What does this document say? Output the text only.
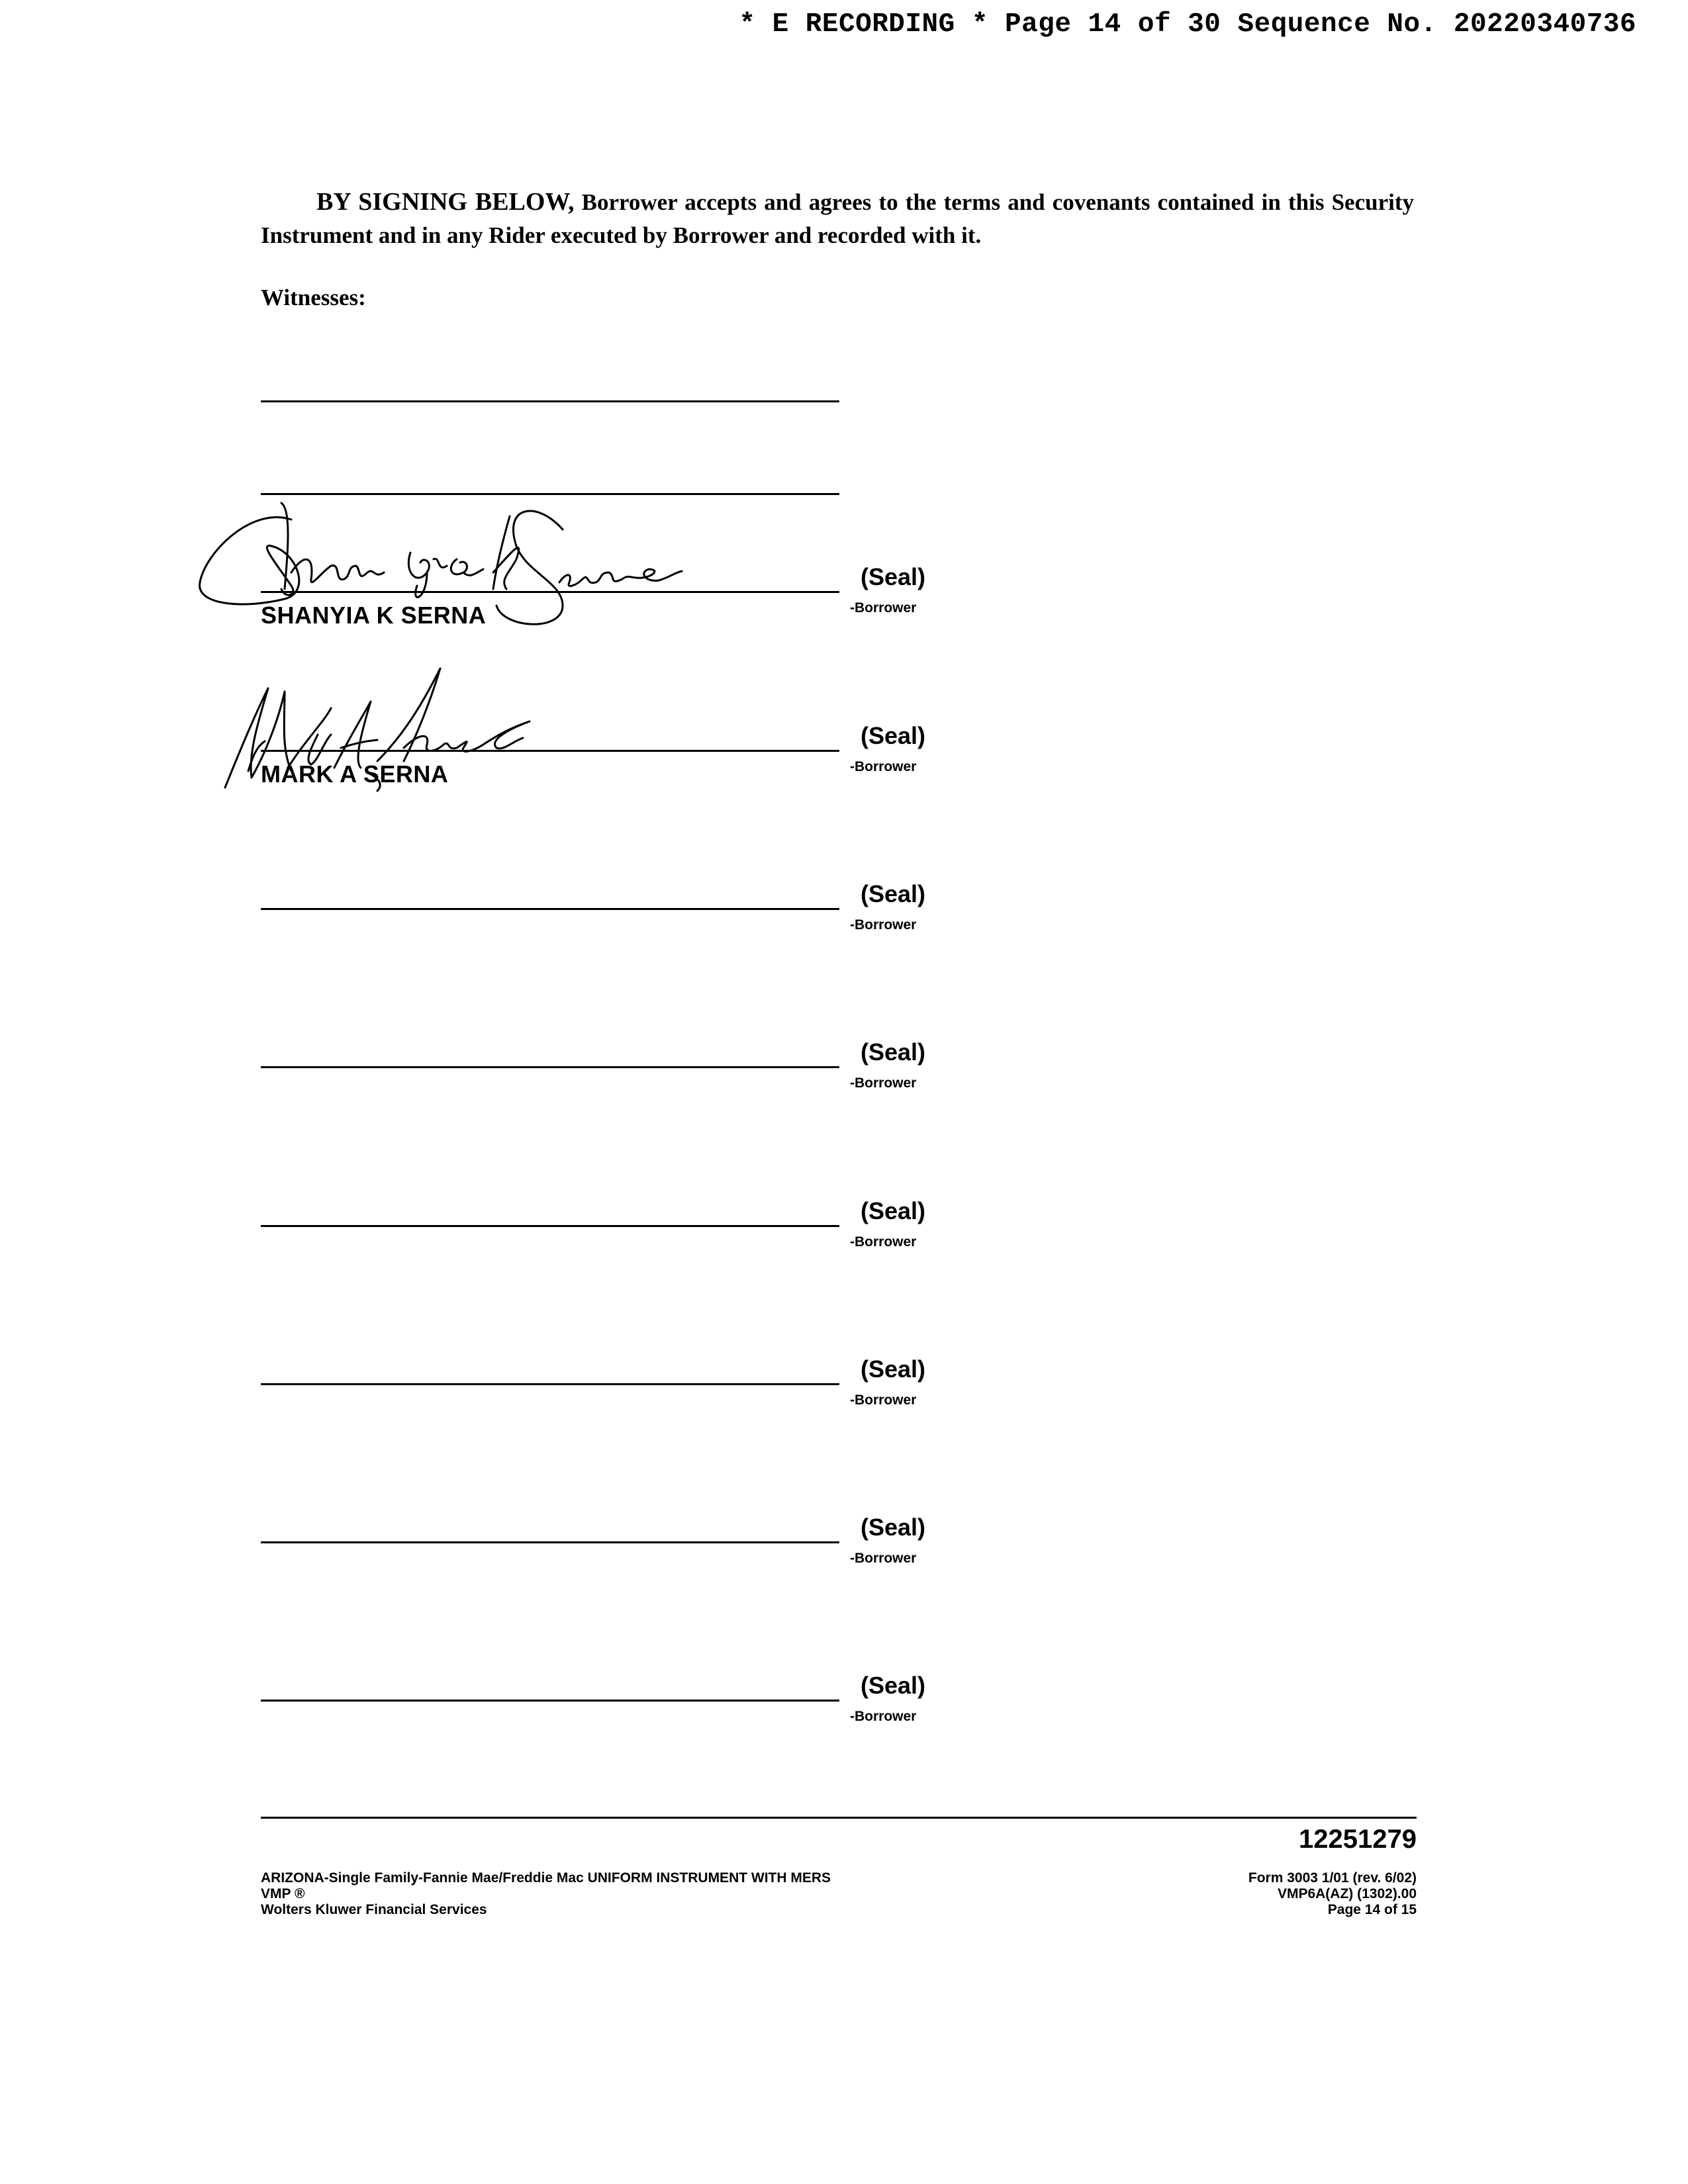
* E RECORDING * Page 14 of 30 Sequence No. 20220340736

BY SIGNING BELOW, Borrower accepts and agrees to the terms and covenants contained in this Security Instrument and in any Rider executed by Borrower and recorded with it.

Witnesses:
SHANYIA K SERNA
(Seal)
-Borrower
MARK A SERNA
(Seal)
-Borrower
(Seal)
-Borrower
(Seal)
-Borrower
(Seal)
-Borrower
(Seal)
-Borrower
(Seal)
-Borrower
(Seal)
-Borrower
12251279
ARIZONA-Single Family-Fannie Mae/Freddie Mac UNIFORM INSTRUMENT WITH MERS
VMP ®
Wolters Kluwer Financial Services
Form 3003 1/01 (rev. 6/02)
VMP6A(AZ) (1302).00
Page 14 of 15
